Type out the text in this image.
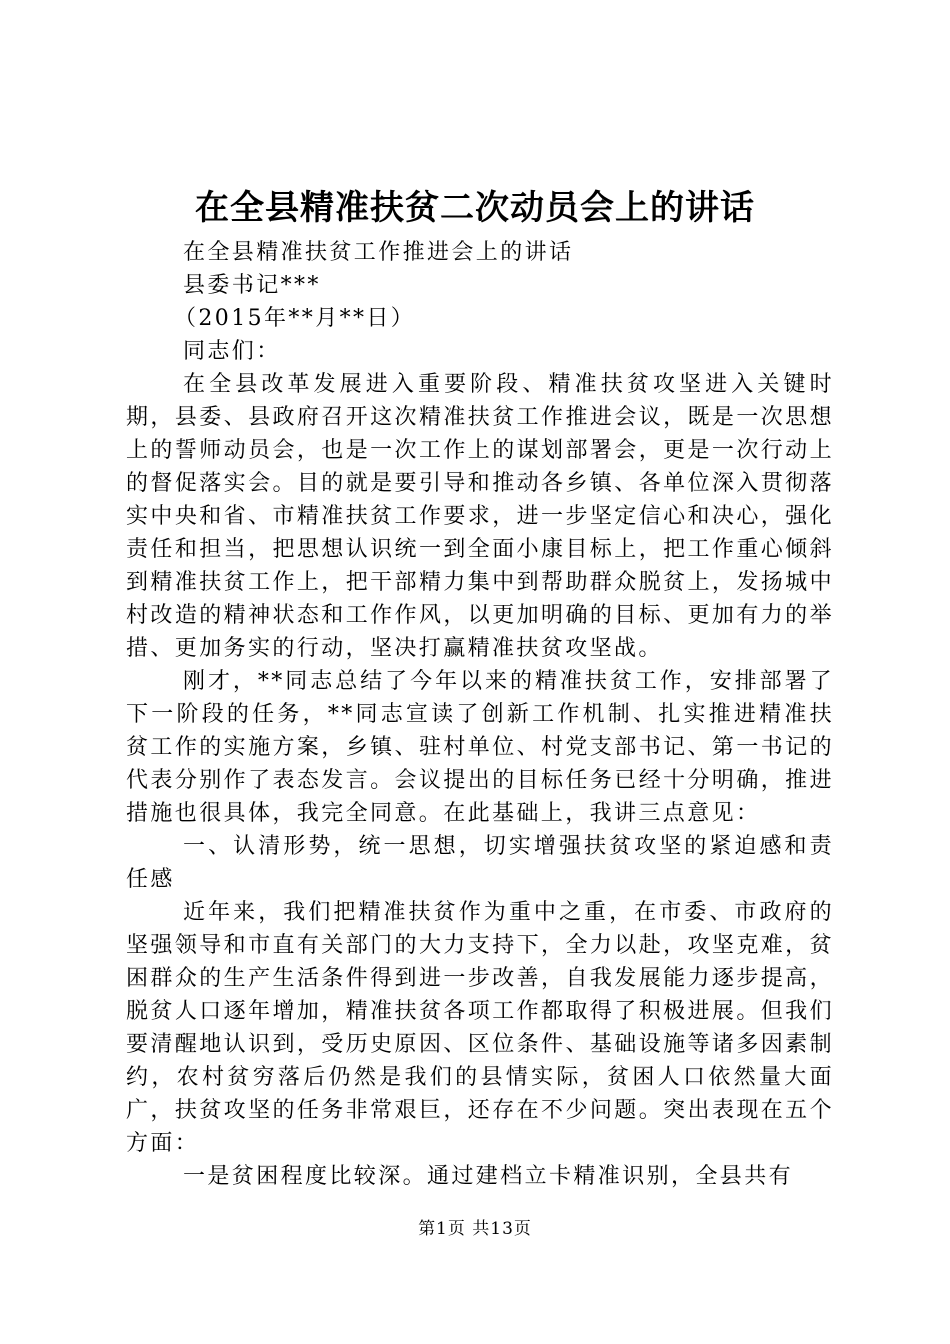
在全县精准扶贫二次动员会上的讲话

在全县精准扶贫工作推进会上的讲话

县委书记***

（2015年**月**日）

同志们：

在全县改革发展进入重要阶段、精准扶贫攻坚进入关键时期，县委、县政府召开这次精准扶贫工作推进会议，既是一次思想上的誓师动员会，也是一次工作上的谋划部署会，更是一次行动上的督促落实会。目的就是要引导和推动各乡镇、各单位深入贯彻落实中央和省、市精准扶贫工作要求，进一步坚定信心和决心，强化责任和担当，把思想认识统一到全面小康目标上，把工作重心倾斜到精准扶贫工作上，把干部精力集中到帮助群众脱贫上，发扬城中村改造的精神状态和工作作风，以更加明确的目标、更加有力的举措、更加务实的行动，坚决打赢精准扶贫攻坚战。

刚才，**同志总结了今年以来的精准扶贫工作，安排部署了下一阶段的任务，**同志宣读了创新工作机制、扎实推进精准扶贫工作的实施方案，乡镇、驻村单位、村党支部书记、第一书记的代表分别作了表态发言。会议提出的目标任务已经十分明确，推进措施也很具体，我完全同意。在此基础上，我讲三点意见：

一、认清形势，统一思想，切实增强扶贫攻坚的紧迫感和责任感

近年来，我们把精准扶贫作为重中之重，在市委、市政府的坚强领导和市直有关部门的大力支持下，全力以赴，攻坚克难，贫困群众的生产生活条件得到进一步改善，自我发展能力逐步提高，脱贫人口逐年增加，精准扶贫各项工作都取得了积极进展。但我们要清醒地认识到，受历史原因、区位条件、基础设施等诸多因素制约，农村贫穷落后仍然是我们的县情实际，贫困人口依然量大面广，扶贫攻坚的任务非常艰巨，还存在不少问题。突出表现在五个方面：

一是贫困程度比较深。通过建档立卡精准识别，全县共有

第1页 共13页
